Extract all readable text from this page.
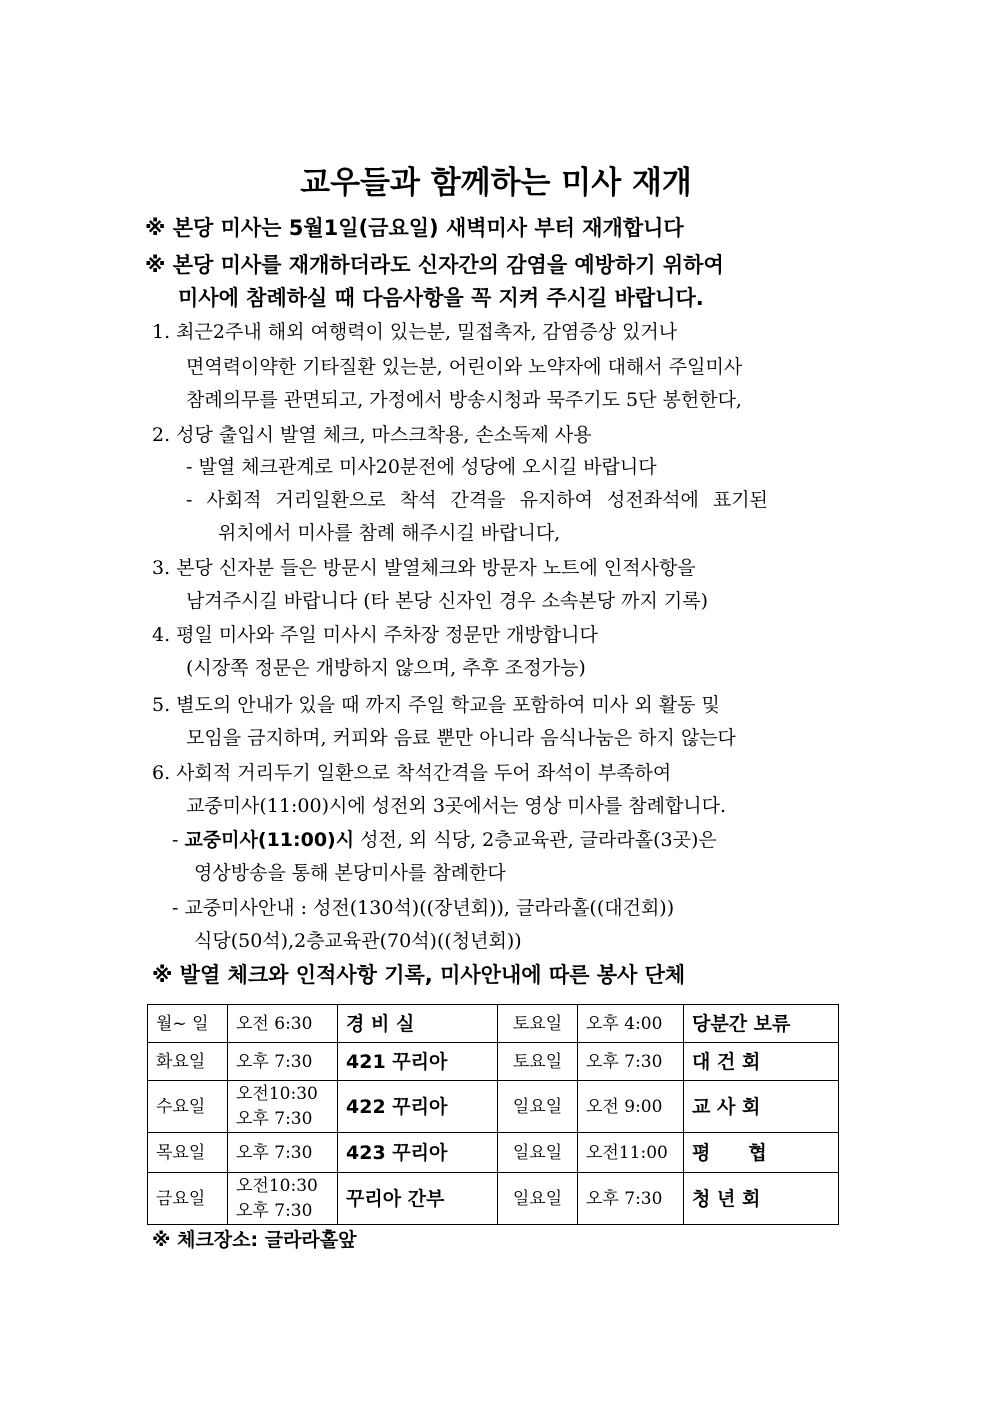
교우들과 함께하는 미사 재개
※ 본당 미사는 5월1일(금요일) 새벽미사 부터 재개합니다
※ 본당 미사를 재개하더라도 신자간의 감염을 예방하기 위하여
미사에 참례하실 때 다음사항을 꼭 지켜 주시길 바랍니다.
1. 최근2주내 해외 여행력이 있는분, 밀접촉자, 감염증상 있거나
면역력이약한 기타질환 있는분, 어린이와 노약자에 대해서 주일미사
참례의무를 관면되고, 가정에서 방송시청과 묵주기도 5단 봉헌한다,
2. 성당 출입시 발열 체크, 마스크착용, 손소독제 사용
- 발열 체크관계로 미사20분전에 성당에 오시길 바랍니다
- 사회적 거리일환으로 착석 간격을 유지하여 성전좌석에 표기된
위치에서 미사를 참례 해주시길 바랍니다,
3. 본당 신자분 들은 방문시 발열체크와 방문자 노트에 인적사항을
남겨주시길 바랍니다 (타 본당 신자인 경우 소속본당 까지 기록)
4. 평일 미사와 주일 미사시 주차장 정문만 개방합니다
(시장쪽 정문은 개방하지 않으며, 추후 조정가능)
5. 별도의 안내가 있을 때 까지 주일 학교을 포함하여 미사 외 활동 및
모임을 금지하며, 커피와 음료 뿐만 아니라 음식나눔은 하지 않는다
6. 사회적 거리두기 일환으로 착석간격을 두어 좌석이 부족하여
교중미사(11:00)시에 성전외 3곳에서는 영상 미사를 참례합니다.
- 교중미사(11:00)시 성전, 외 식당, 2층교육관, 글라라홀(3곳)은
영상방송을 통해 본당미사를 참례한다
- 교중미사안내 : 성전(130석)((장년회)), 글라라홀((대건회))
식당(50석),2층교육관(70석)((청년회))
※ 발열 체크와 인적사항 기록, 미사안내에 따른 봉사 단체
월~ 일	오전 6:30	경 비 실	토요일	오후 4:00	당분간 보류
화요일	오후 7:30	421 꾸리아	토요일	오후 7:30	대 건 회
수요일	오전10:30
오후 7:30	422 꾸리아	일요일	오전 9:00	교 사 회
목요일	오후 7:30	423 꾸리아	일요일	오전11:00	평　　협
금요일	오전10:30
오후 7:30	꾸리아 간부	일요일	오후 7:30	청 년 회
※ 체크장소: 글라라홀앞
